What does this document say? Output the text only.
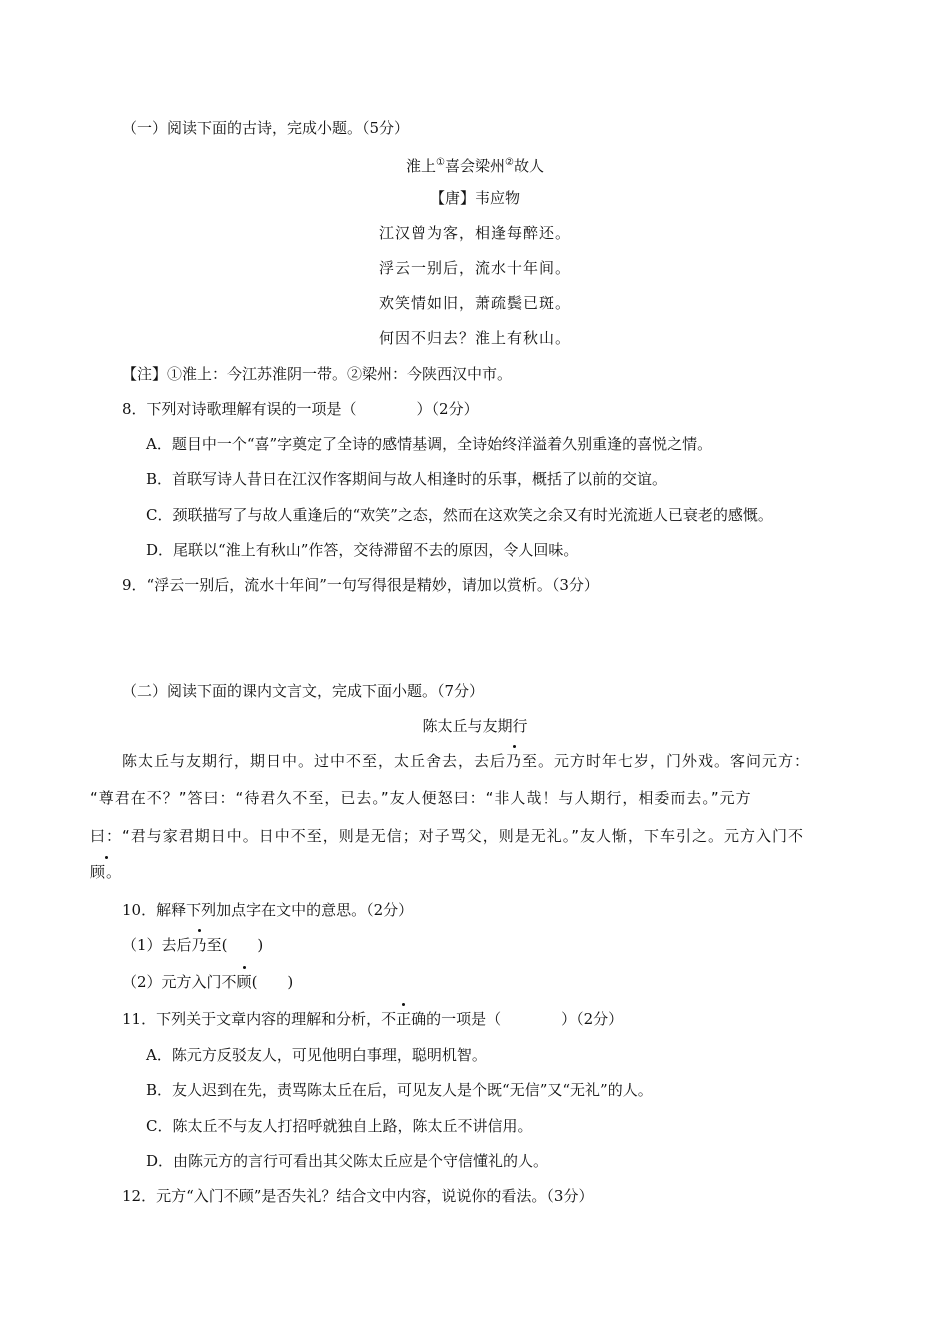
（一）阅读下面的古诗，完成小题。（5分）
淮上①喜会梁州②故人
【唐】韦应物
江汉曾为客，相逢每醉还。
浮云一别后，流水十年间。
欢笑情如旧，萧疏鬓已斑。
何因不归去？淮上有秋山。
【注】①淮上：今江苏淮阴一带。②梁州：今陕西汉中市。
8．下列对诗歌理解有误的一项是（　　　　）（2分）
A．题目中一个“喜”字奠定了全诗的感情基调，全诗始终洋溢着久别重逢的喜悦之情。
B．首联写诗人昔日在江汉作客期间与故人相逢时的乐事，概括了以前的交谊。
C．颈联描写了与故人重逢后的“欢笑”之态，然而在这欢笑之余又有时光流逝人已衰老的感慨。
D．尾联以“淮上有秋山”作答，交待滞留不去的原因，令人回味。
9．“浮云一别后，流水十年间”一句写得很是精妙，请加以赏析。（3分）
（二）阅读下面的课内文言文，完成下面小题。（7分）
陈太丘与友期行
陈太丘与友期行，期日中。过中不至，太丘舍去，去后乃至。元方时年七岁，门外戏。客问元方：
“尊君在不？”答曰：“待君久不至，已去。”友人便怒曰：“非人哉！与人期行，相委而去。”元方
曰：“君与家君期日中。日中不至，则是无信；对子骂父，则是无礼。”友人惭，下车引之。元方入门不
顾。
10．解释下列加点字在文中的意思。（2分）
（1）去后乃至(　　)
（2）元方入门不顾(　　)
11．下列关于文章内容的理解和分析，不正确的一项是（　　　　）（2分）
A．陈元方反驳友人，可见他明白事理，聪明机智。
B．友人迟到在先，责骂陈太丘在后，可见友人是个既“无信”又“无礼”的人。
C．陈太丘不与友人打招呼就独自上路，陈太丘不讲信用。
D．由陈元方的言行可看出其父陈太丘应是个守信懂礼的人。
12．元方“入门不顾”是否失礼？结合文中内容，说说你的看法。（3分）
